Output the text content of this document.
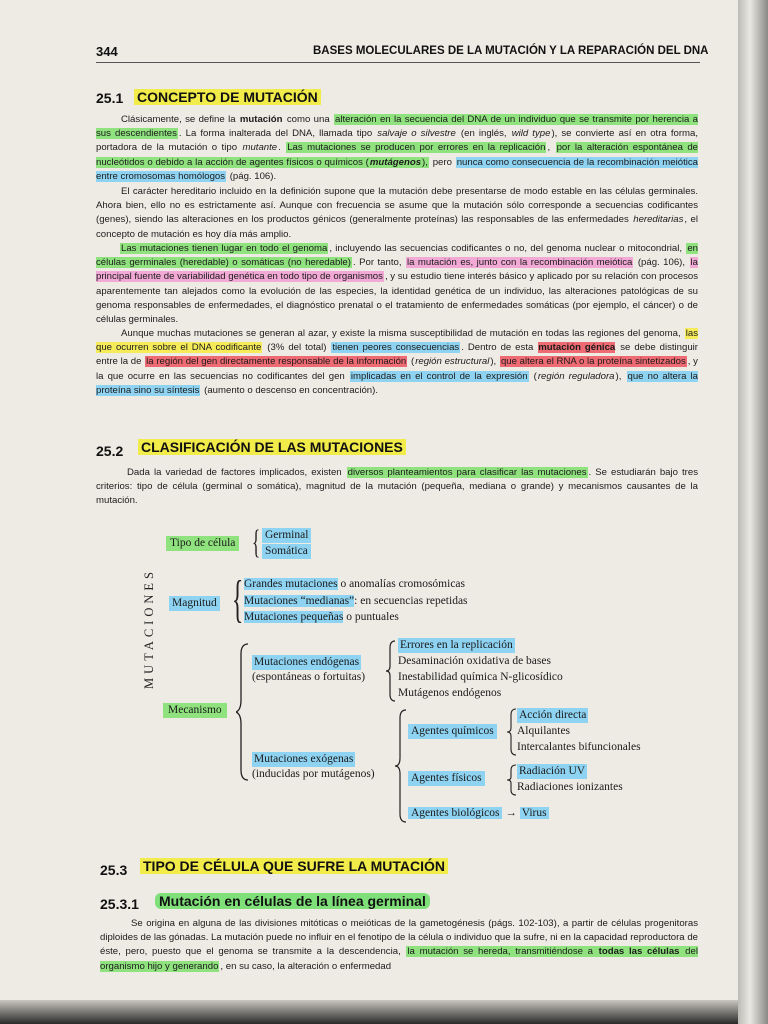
344	BASES MOLECULARES DE LA MUTACIÓN Y LA REPARACIÓN DEL DNA
25.1 CONCEPTO DE MUTACIÓN

Clásicamente, se define la mutación como una alteración en la secuencia del DNA de un individuo que se transmite por herencia a sus descendientes . La forma inalterada del DNA, llamada tipo salvaje o silvestre (en inglés, wild type), se convierte así en otra forma, portadora de la mutación o tipo mutante. Las mutaciones se producen por errores en la replicación , por la alteración espontánea de nucleótidos o debido a la acción de agentes físicos o químicos (mutágenos), pero nunca como consecuencia de la recombinación meiótica entre cromosomas homólogos (pág. 106).

El carácter hereditario incluido en la definición supone que la mutación debe presentarse de modo estable en las células germinales. Ahora bien, ello no es estrictamente así. Aunque con frecuencia se asume que la mutación sólo corresponde a secuencias codificantes (genes), siendo las alteraciones en los productos génicos (generalmente proteínas) las responsables de las enfermedades hereditarias, el concepto de mutación es hoy día más amplio.

Las mutaciones tienen lugar en todo el genoma , incluyendo las secuencias codificantes o no, del genoma nuclear o mitocondrial, en células germinales (heredable) o somáticas (no heredable) . Por tanto, la mutación es, junto con la recombinación meiótica (pág. 106), la principal fuente de variabilidad genética en todo tipo de organismos , y su estudio tiene interés básico y aplicado por su relación con procesos aparentemente tan alejados como la evolución de las especies, la identidad genética de un individuo, las alteraciones patológicas de su genoma responsables de enfermedades, el diagnóstico prenatal o el tratamiento de enfermedades somáticas (por ejemplo, el cáncer) o de células germinales.

Aunque muchas mutaciones se generan al azar, y existe la misma susceptibilidad de mutación en todas las regiones del genoma, las que ocurren sobre el DNA codificante (3% del total) tienen peores consecuencias . Dentro de esta mutación génica se debe distinguir entre la de la región del gen directamente responsable de la información (región estructural), que altera el RNA o la proteína sintetizados , y la que ocurre en las secuencias no codificantes del gen implicadas en el control de la expresión (región reguladora), que no altera la proteína sino su síntesis (aumento o descenso en concentración).

25.2 CLASIFICACIÓN DE LAS MUTACIONES

Dada la variedad de factores implicados, existen diversos planteamientos para clasificar las mutaciones . Se estudiarán bajo tres criterios: tipo de célula (germinal o somática), magnitud de la mutación (pequeña, mediana o grande) y mecanismos causantes de la mutación.

MUTACIONES
Tipo de célula { Germinal
Somática
Magnitud { Grandes mutaciones o anomalías cromosómicas
Mutaciones “medianas”: en secuencias repetidas
Mutaciones pequeñas o puntuales
Mecanismo
Mutaciones endógenas
(espontáneas o fortuitas)
Errores en la replicación
Desaminación oxidativa de bases
Inestabilidad química N-glicosídico
Mutágenos endógenos
Mutaciones exógenas
(inducidas por mutágenos)
Agentes químicos
Acción directa
Alquilantes
Intercalantes bifuncionales
Agentes físicos
Radiación UV
Radiaciones ionizantes
Agentes biológicos → Virus
25.3 TIPO DE CÉLULA QUE SUFRE LA MUTACIÓN
25.3.1 Mutación en células de la línea germinal

Se origina en alguna de las divisiones mitóticas o meióticas de la gametogénesis (págs. 102-103), a partir de células progenitoras diploides de las gónadas. La mutación puede no influir en el fenotipo de la célula o individuo que la sufre, ni en la capacidad reproductora de éste, pero, puesto que el genoma se transmite a la descendencia, la mutación se hereda, transmitiéndose a todas las células del organismo hijo y generando , en su caso, la alteración o enfermedad
